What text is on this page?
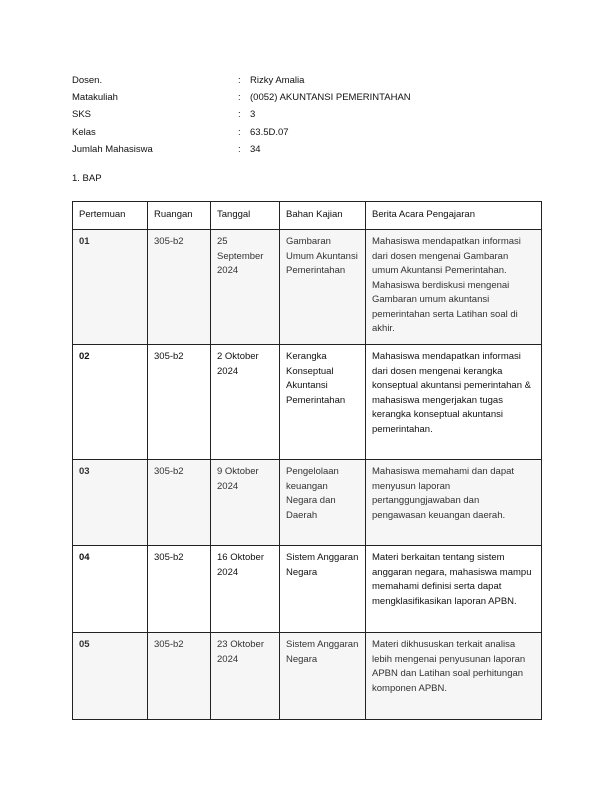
Dosen.	: Rizky Amalia
Matakuliah	: (0052) AKUNTANSI PEMERINTAHAN
SKS	: 3
Kelas	: 63.5D.07
Jumlah Mahasiswa	: 34
1. BAP
Pertemuan	Ruangan	Tanggal	Bahan Kajian	Berita Acara Pengajaran
01	305-b2	25 September 2024	Gambaran Umum Akuntansi Pemerintahan	Mahasiswa mendapatkan informasi dari dosen mengenai Gambaran umum Akuntansi Pemerintahan. Mahasiswa berdiskusi mengenai Gambaran umum akuntansi pemerintahan serta Latihan soal di akhir.
02	305-b2	2 Oktober 2024	Kerangka Konseptual Akuntansi Pemerintahan	Mahasiswa mendapatkan informasi dari dosen mengenai kerangka konseptual akuntansi pemerintahan & mahasiswa mengerjakan tugas kerangka konseptual akuntansi pemerintahan.
03	305-b2	9 Oktober 2024	Pengelolaan keuangan Negara dan Daerah	Mahasiswa memahami dan dapat menyusun laporan pertanggungjawaban dan pengawasan keuangan daerah.
04	305-b2	16 Oktober 2024	Sistem Anggaran Negara	Materi berkaitan tentang sistem anggaran negara, mahasiswa mampu memahami definisi serta dapat mengklasifikasikan laporan APBN.
05	305-b2	23 Oktober 2024	Sistem Anggaran Negara	Materi dikhususkan terkait analisa lebih mengenai penyusunan laporan APBN dan Latihan soal perhitungan komponen APBN.
